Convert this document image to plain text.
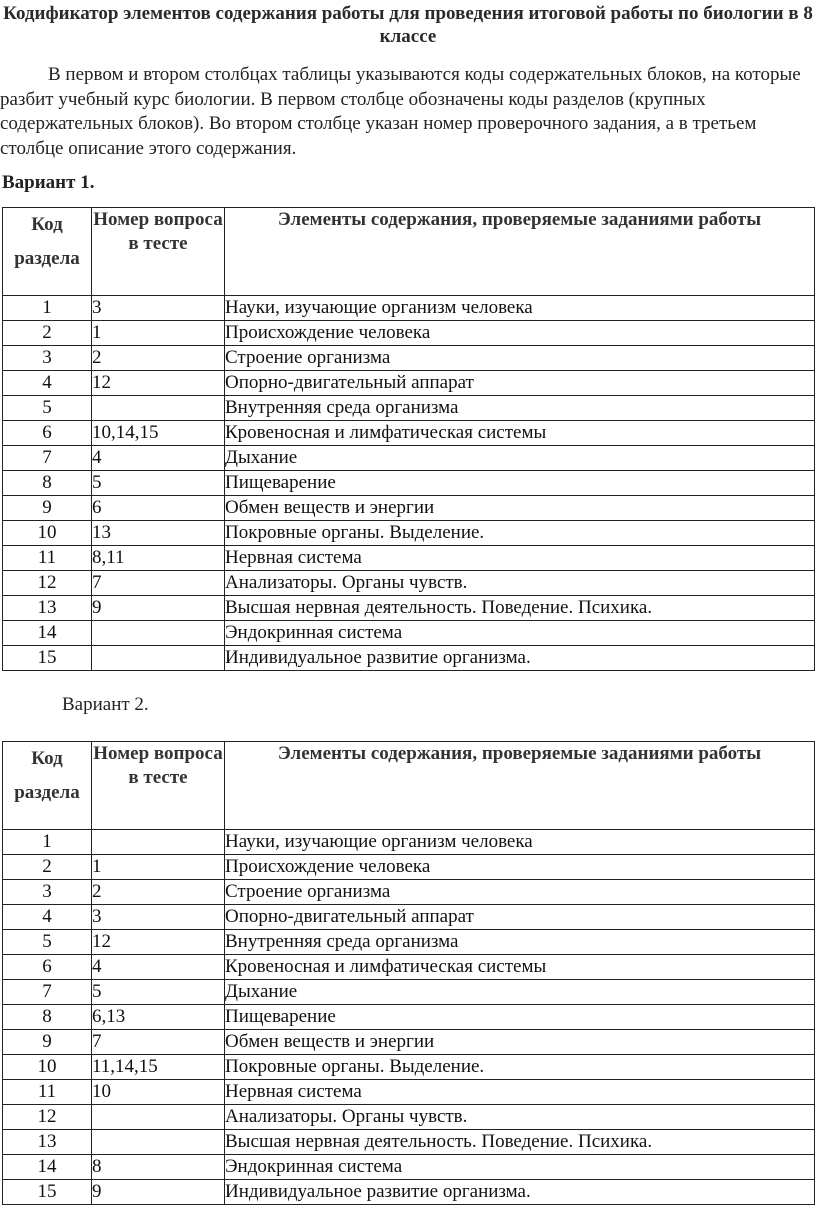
Кодификатор элементов содержания работы для проведения итоговой работы по биологии в 8 классе
В первом и втором столбцах таблицы указываются коды содержательных блоков, на которые разбит учебный курс биологии. В первом столбце обозначены коды разделов (крупных содержательных блоков). Во втором столбце указан номер проверочного задания, а в третьем столбце описание этого содержания.
Вариант 1.
Код раздела	Номер вопроса в тесте	Элементы содержания, проверяемые заданиями работы
1	3	Науки, изучающие организм человека
2	1	Происхождение человека
3	2	Строение организма
4	12	Опорно-двигательный аппарат
5		Внутренняя среда организма
6	10,14,15	Кровеносная и лимфатическая системы
7	4	Дыхание
8	5	Пищеварение
9	6	Обмен веществ и энергии
10	13	Покровные органы. Выделение.
11	8,11	Нервная система
12	7	Анализаторы. Органы чувств.
13	9	Высшая нервная деятельность. Поведение. Психика.
14		Эндокринная система
15		Индивидуальное развитие организма.
Вариант 2.
Код раздела	Номер вопроса в тесте	Элементы содержания, проверяемые заданиями работы
1		Науки, изучающие организм человека
2	1	Происхождение человека
3	2	Строение организма
4	3	Опорно-двигательный аппарат
5	12	Внутренняя среда организма
6	4	Кровеносная и лимфатическая системы
7	5	Дыхание
8	6,13	Пищеварение
9	7	Обмен веществ и энергии
10	11,14,15	Покровные органы. Выделение.
11	10	Нервная система
12		Анализаторы. Органы чувств.
13		Высшая нервная деятельность. Поведение. Психика.
14	8	Эндокринная система
15	9	Индивидуальное развитие организма.
